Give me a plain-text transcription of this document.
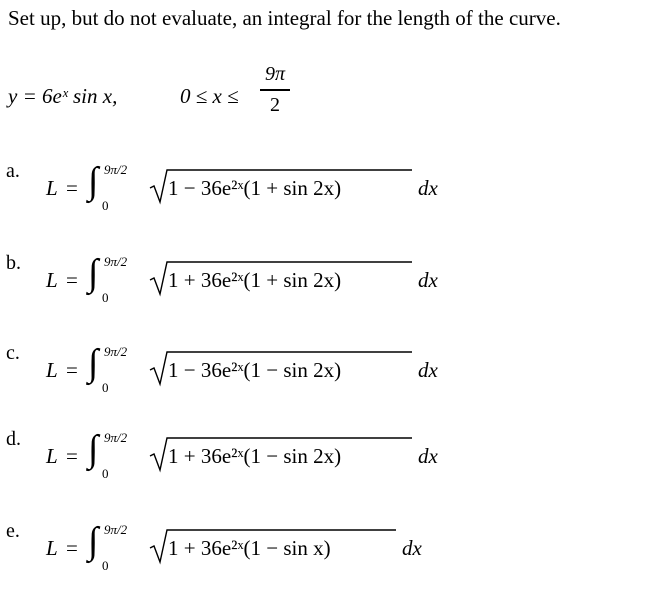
Set up, but do not evaluate, an integral for the length of the curve.
y = 6eˣ sin x,	0 ≤ x ≤
9π
2
a.
L = ∫ 9π/2
0
1 − 36e²ˣ(1 + sin 2x)	dx
b.
L = ∫ 9π/2
0
1 + 36e²ˣ(1 + sin 2x)	dx
c.
L = ∫ 9π/2
0
1 − 36e²ˣ(1 − sin 2x)	dx
d.
L = ∫ 9π/2
0
1 + 36e²ˣ(1 − sin 2x)	dx
e.
L = ∫ 9π/2
0
1 + 36e²ˣ(1 − sin x)	dx
